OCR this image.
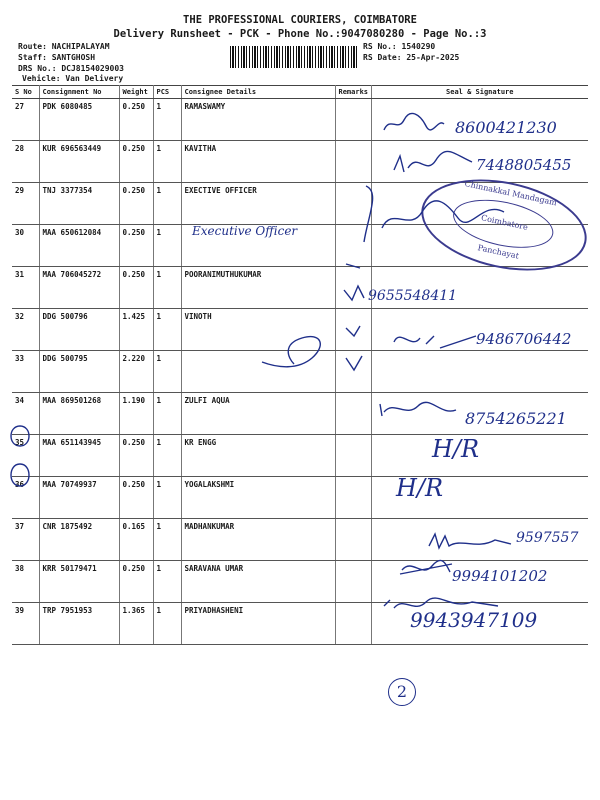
THE PROFESSIONAL COURIERS, COIMBATORE
Delivery Runsheet - PCK - Phone No.:9047080280 - Page No.:3
Route: NACHIPALAYAM
Staff: SANTGHOSH
DRS No.: DCJ8154029003
Vehicle: Van Delivery
RS No.: 1540290
RS Date: 25-Apr-2025
S No	Consignment No	Weight	PCS	Consignee Details	Remarks	Seal & Signature
27	PDK 6080485	0.250	1	RAMASWAMY		
28	KUR 696563449	0.250	1	KAVITHA		
29	TNJ 3377354	0.250	1	EXECTIVE OFFICER		
30	MAA 650612084	0.250	1			
31	MAA 706045272	0.250	1	POORANIMUTHUKUMAR		
32	DDG 500796	1.425	1	VINOTH		
33	DDG 500795	2.220	1			
34	MAA 869501268	1.190	1	ZULFI AQUA		
35	MAA 651143945	0.250	1	KR ENGG		
36	MAA 70749937	0.250	1	YOGALAKSHMI		
37	CNR 1875492	0.165	1	MADHANKUMAR		
38	KRR 50179471	0.250	1	SARAVANA UMAR		
39	TRP 7951953	1.365	1	PRIYADHASHENI		
Chinnakkal Mandagam
Coimbatore
Panchayat
8600421230
7448805455
Executive Officer
9655548411
9486706442
8754265221
H/R
H/R
9597557
9994101202
9943947109
2
